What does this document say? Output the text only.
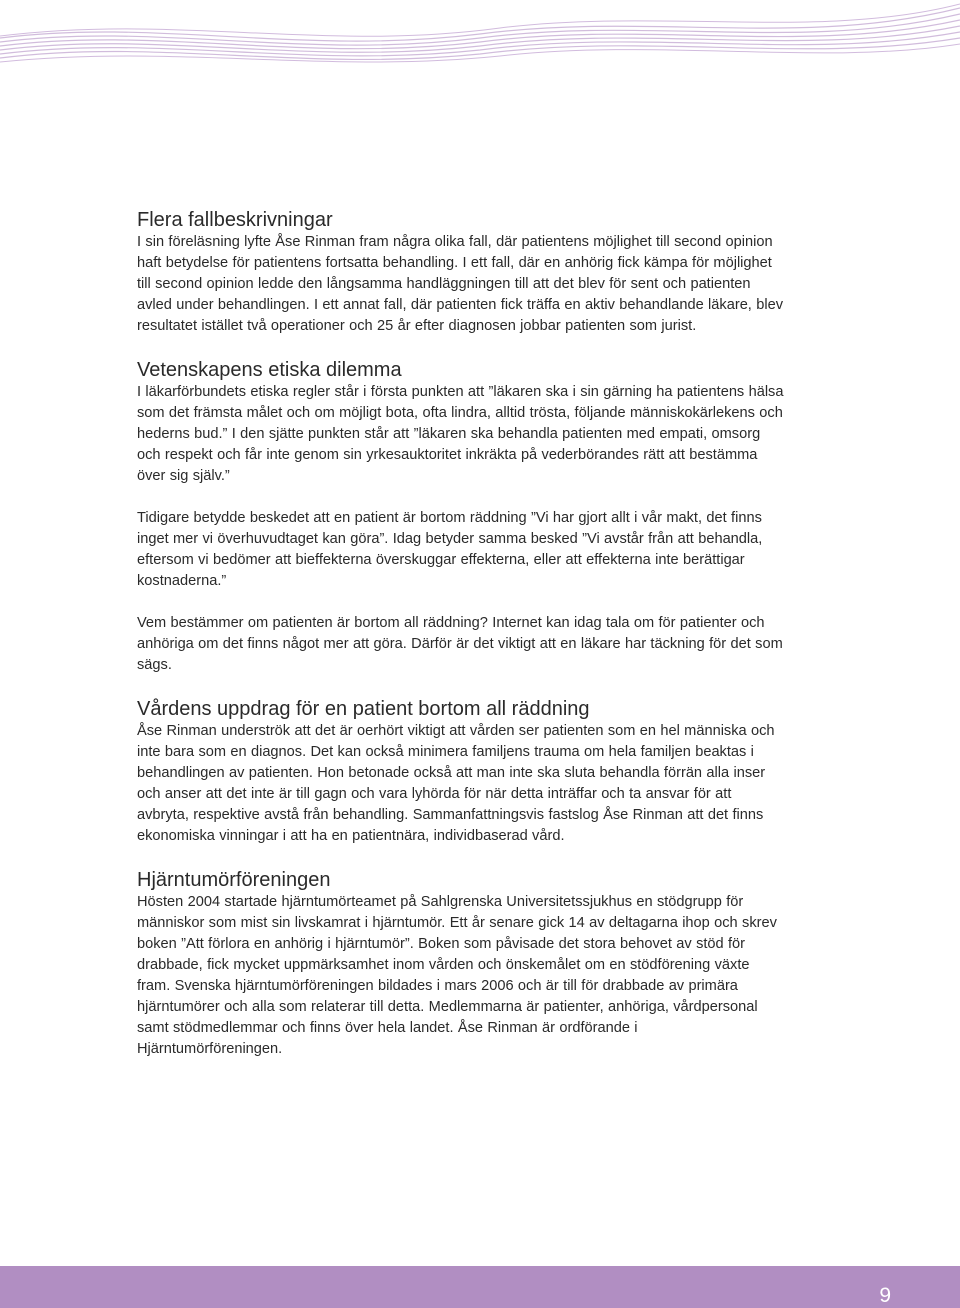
Flera fallbeskrivningar

I sin föreläsning lyfte Åse Rinman fram några olika fall, där patientens möjlighet till second opinion haft betydelse för patientens fortsatta behandling. I ett fall, där en anhörig fick kämpa för möjlighet till second opinion ledde den långsamma handläggningen till att det blev för sent och patienten avled under behandlingen. I ett annat fall, där patienten fick träffa en aktiv behandlande läkare, blev resultatet istället två operationer och 25 år efter diagnosen jobbar patienten som jurist.

Vetenskapens etiska dilemma

I läkarförbundets etiska regler står i första punkten att ”läkaren ska i sin gärning ha patientens hälsa som det främsta målet och om möjligt bota, ofta lindra, alltid trösta, följande människokärlekens och hederns bud.” I den sjätte punkten står att ”läkaren ska behandla patienten med empati, omsorg och respekt och får inte genom sin yrkesauktoritet inkräkta på vederbörandes rätt att bestämma över sig själv.”

Tidigare betydde beskedet att en patient är bortom räddning ”Vi har gjort allt i vår makt, det finns inget mer vi överhuvudtaget kan göra”. Idag betyder samma besked ”Vi avstår från att behandla, eftersom vi bedömer att bieffekterna överskuggar effekterna, eller att effekterna inte berättigar kostnaderna.”

Vem bestämmer om patienten är bortom all räddning? Internet kan idag tala om för patienter och anhöriga om det finns något mer att göra. Därför är det viktigt att en läkare har täckning för det som sägs.

Vårdens uppdrag för en patient bortom all räddning

Åse Rinman underströk att det är oerhört viktigt att vården ser patienten som en hel människa och inte bara som en diagnos. Det kan också minimera familjens trauma om hela familjen beaktas i behandlingen av patienten. Hon betonade också att man inte ska sluta behandla förrän alla inser och anser att det inte är till gagn och vara lyhörda för när detta inträffar och ta ansvar för att avbryta, respektive avstå från behandling. Sammanfattningsvis fastslog Åse Rinman att det finns ekonomiska vinningar i att ha en patientnära, individbaserad vård.

Hjärntumörföreningen

Hösten 2004 startade hjärntumörteamet på Sahlgrenska Universitetssjukhus en stödgrupp för människor som mist sin livskamrat i hjärntumör. Ett år senare gick 14 av deltagarna ihop och skrev boken ”Att förlora en anhörig i hjärntumör”. Boken som påvisade det stora behovet av stöd för drabbade, fick mycket uppmärksamhet inom vården och önskemålet om en stödförening växte fram. Svenska hjärntumörföreningen bildades i mars 2006 och är till för drabbade av primära hjärntumörer och alla som relaterar till detta. Medlemmarna är patienter, anhöriga, vårdpersonal samt stödmedlemmar och finns över hela landet. Åse Rinman är ordförande i Hjärntumörföreningen.

9
